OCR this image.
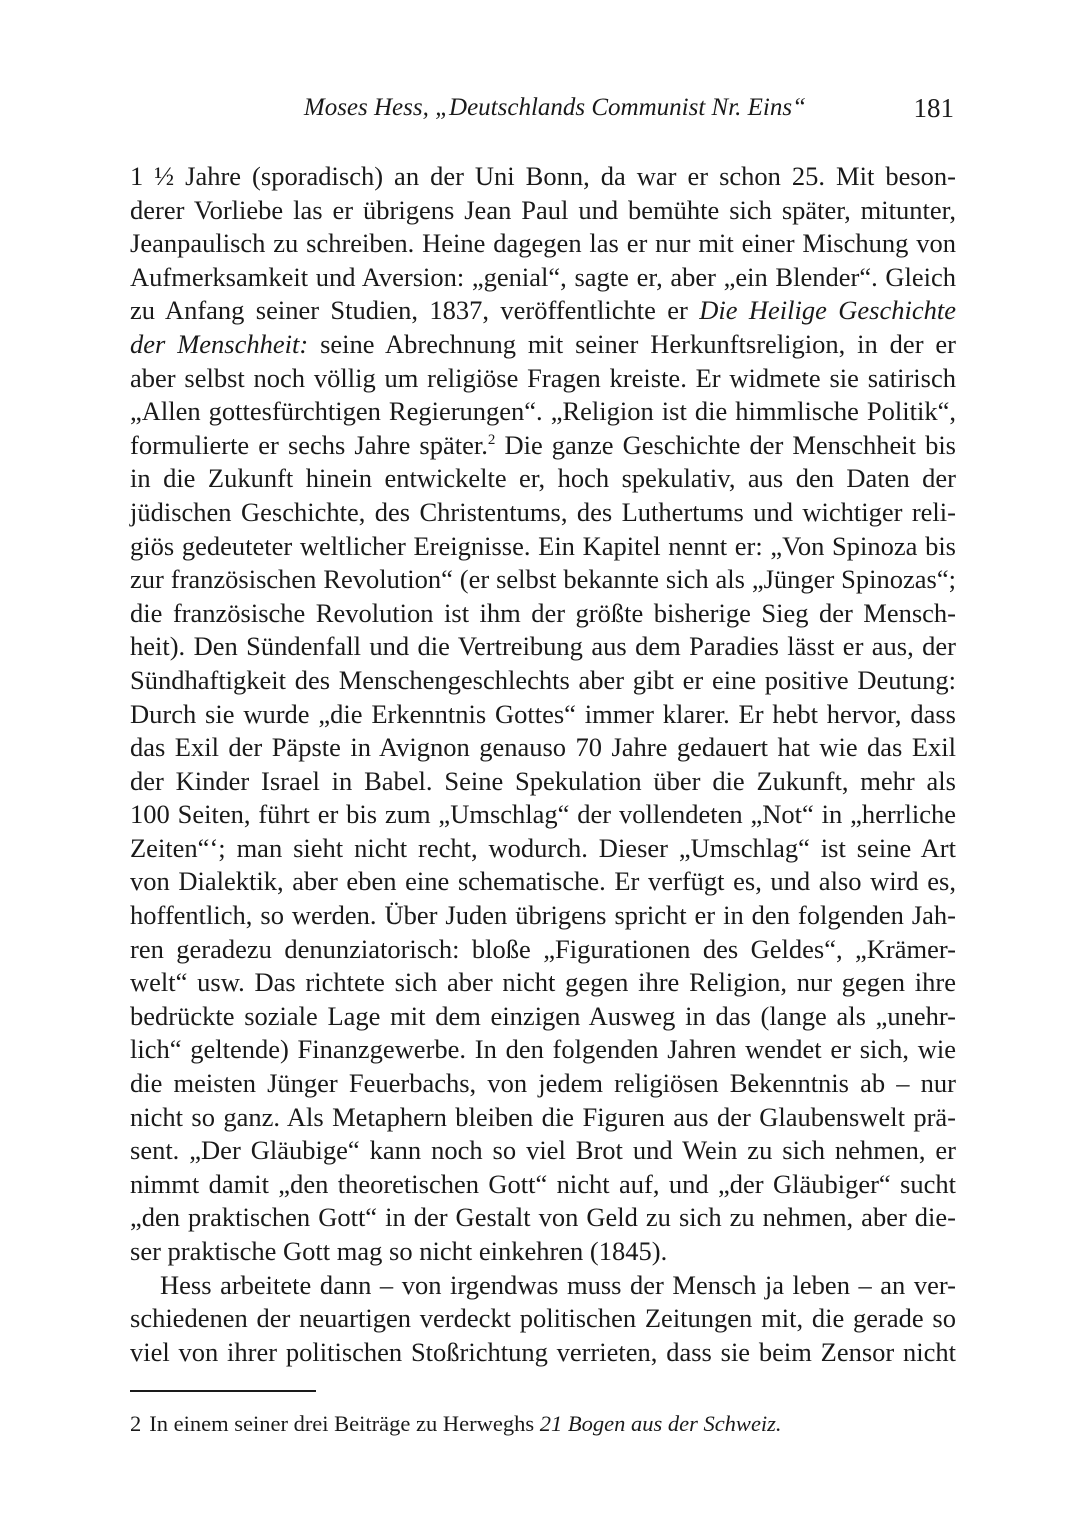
Moses Hess, „Deutschlands Communist Nr. Eins“	181
1 ½ Jahre (sporadisch) an der Uni Bonn, da war er schon 25. Mit beson-
derer Vorliebe las er übrigens Jean Paul und bemühte sich später, mitunter,
Jeanpaulisch zu schreiben. Heine dagegen las er nur mit einer Mischung von
Aufmerksamkeit und Aversion: „genial“, sagte er, aber „ein Blender“. Gleich
zu Anfang seiner Studien, 1837, veröffentlichte er Die Heilige Geschichte
der Menschheit: seine Abrechnung mit seiner Herkunftsreligion, in der er
aber selbst noch völlig um religiöse Fragen kreiste. Er widmete sie satirisch
„Allen gottesfürchtigen Regierungen“. „Religion ist die himmlische Politik“,
formulierte er sechs Jahre später.$^2$ Die ganze Geschichte der Menschheit bis
in die Zukunft hinein entwickelte er, hoch spekulativ, aus den Daten der
jüdischen Geschichte, des Christentums, des Luthertums und wichtiger reli-
giös gedeuteter weltlicher Ereignisse. Ein Kapitel nennt er: „Von Spinoza bis
zur französischen Revolution“ (er selbst bekannte sich als „Jünger Spinozas“;
die französische Revolution ist ihm der größte bisherige Sieg der Mensch-
heit). Den Sündenfall und die Vertreibung aus dem Paradies lässt er aus, der
Sündhaftigkeit des Menschengeschlechts aber gibt er eine positive Deutung:
Durch sie wurde „die Erkenntnis Gottes“ immer klarer. Er hebt hervor, dass
das Exil der Päpste in Avignon genauso 70 Jahre gedauert hat wie das Exil
der Kinder Israel in Babel. Seine Spekulation über die Zukunft, mehr als
100 Seiten, führt er bis zum „Umschlag“ der vollendeten „Not“ in „herrliche
Zeiten“‘; man sieht nicht recht, wodurch. Dieser „Umschlag“ ist seine Art
von Dialektik, aber eben eine schematische. Er verfügt es, und also wird es,
hoffentlich, so werden. Über Juden übrigens spricht er in den folgenden Jah-
ren geradezu denunziatorisch: bloße „Figurationen des Geldes“, „Krämer-
welt“ usw. Das richtete sich aber nicht gegen ihre Religion, nur gegen ihre
bedrückte soziale Lage mit dem einzigen Ausweg in das (lange als „unehr-
lich“ geltende) Finanzgewerbe. In den folgenden Jahren wendet er sich, wie
die meisten Jünger Feuerbachs, von jedem religiösen Bekenntnis ab – nur
nicht so ganz. Als Metaphern bleiben die Figuren aus der Glaubenswelt prä-
sent. „Der Gläubige“ kann noch so viel Brot und Wein zu sich nehmen, er
nimmt damit „den theoretischen Gott“ nicht auf, und „der Gläubiger“ sucht
„den praktischen Gott“ in der Gestalt von Geld zu sich zu nehmen, aber die-
ser praktische Gott mag so nicht einkehren (1845).
Hess arbeitete dann – von irgendwas muss der Mensch ja leben – an ver-
schiedenen der neuartigen verdeckt politischen Zeitungen mit, die gerade so
viel von ihrer politischen Stoßrichtung verrieten, dass sie beim Zensor nicht
2 In einem seiner drei Beiträge zu Herweghs 21 Bogen aus der Schweiz.
